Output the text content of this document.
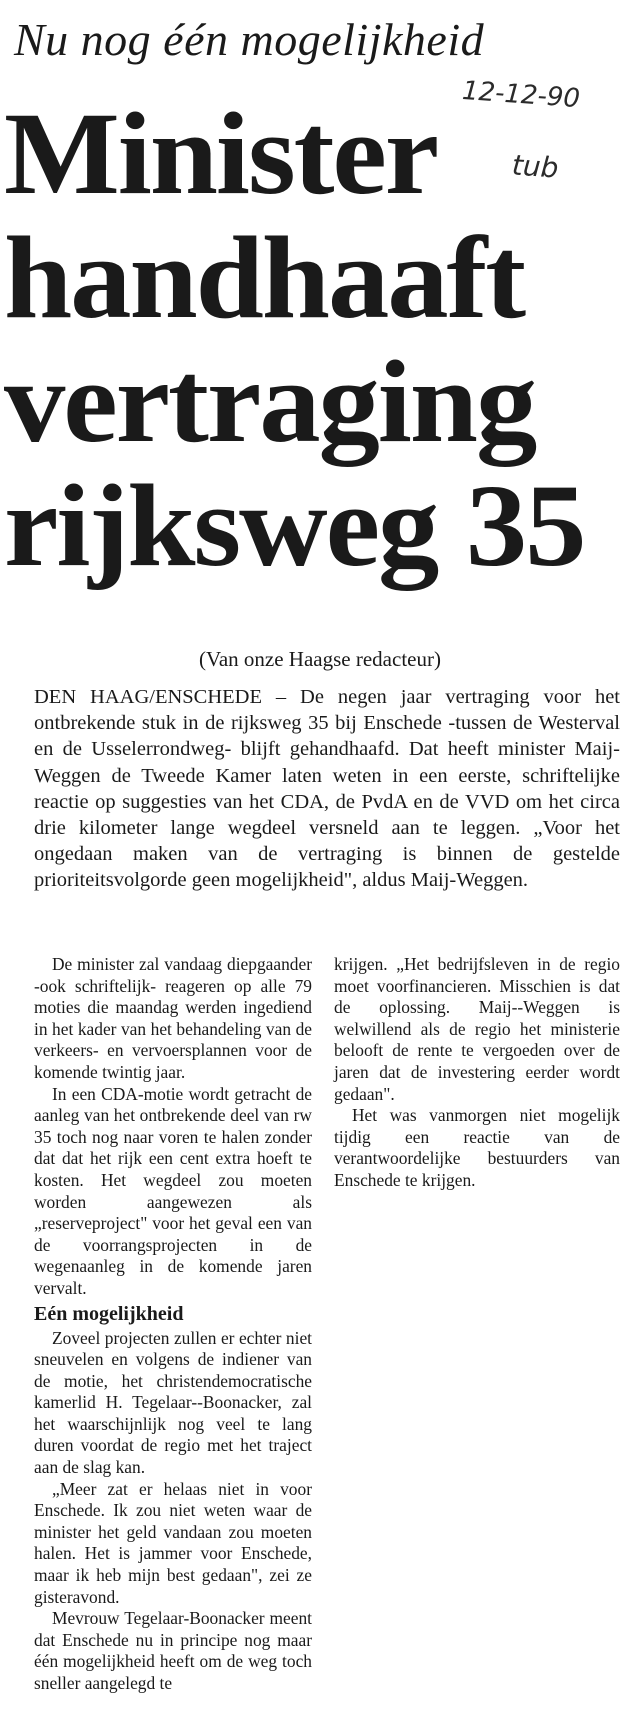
Nu nog één mogelijkheid
12-12-90
tub
Minister
handhaaft
vertraging
rijksweg 35
(Van onze Haagse redacteur)
DEN HAAG/ENSCHEDE – De negen jaar vertraging voor het ontbrekende stuk in de rijksweg 35 bij Enschede -tussen de Westerval en de Usselerrondweg- blijft gehandhaafd. Dat heeft minister Maij-Weggen de Tweede Kamer laten weten in een eerste, schriftelijke reactie op suggesties van het CDA, de PvdA en de VVD om het circa drie kilometer lange wegdeel versneld aan te leggen. „Voor het ongedaan maken van de vertraging is binnen de gestelde prioriteitsvolgorde geen mogelijkheid", aldus Maij-Weggen.

De minister zal vandaag diepgaander -ook schriftelijk- reageren op alle 79 moties die maandag werden ingediend in het kader van het behandeling van de verkeers- en vervoersplannen voor de komende twintig jaar.

In een CDA-motie wordt getracht de aanleg van het ontbrekende deel van rw 35 toch nog naar voren te halen zonder dat dat het rijk een cent extra hoeft te kosten. Het wegdeel zou moeten worden aangewezen als „reserveproject" voor het geval een van de voorrangsprojecten in de wegenaanleg in de komende jaren vervalt.

Eén mogelijkheid

Zoveel projecten zullen er echter niet sneuvelen en volgens de indiener van de motie, het christendemocratische kamerlid H. Tegelaar--Boonacker, zal het waarschijnlijk nog veel te lang duren voordat de regio met het traject aan de slag kan.

„Meer zat er helaas niet in voor Enschede. Ik zou niet weten waar de minister het geld vandaan zou moeten halen. Het is jammer voor Enschede, maar ik heb mijn best gedaan", zei ze gisteravond.

Mevrouw Tegelaar-Boonacker meent dat Enschede nu in principe nog maar één mogelijkheid heeft om de weg toch sneller aangelegd te

krijgen. „Het bedrijfsleven in de regio moet voorfinancieren. Misschien is dat de oplossing. Maij--Weggen is welwillend als de regio het ministerie belooft de rente te vergoeden over de jaren dat de investering eerder wordt gedaan".

Het was vanmorgen niet mogelijk tijdig een reactie van de verantwoordelijke bestuurders van Enschede te krijgen.
